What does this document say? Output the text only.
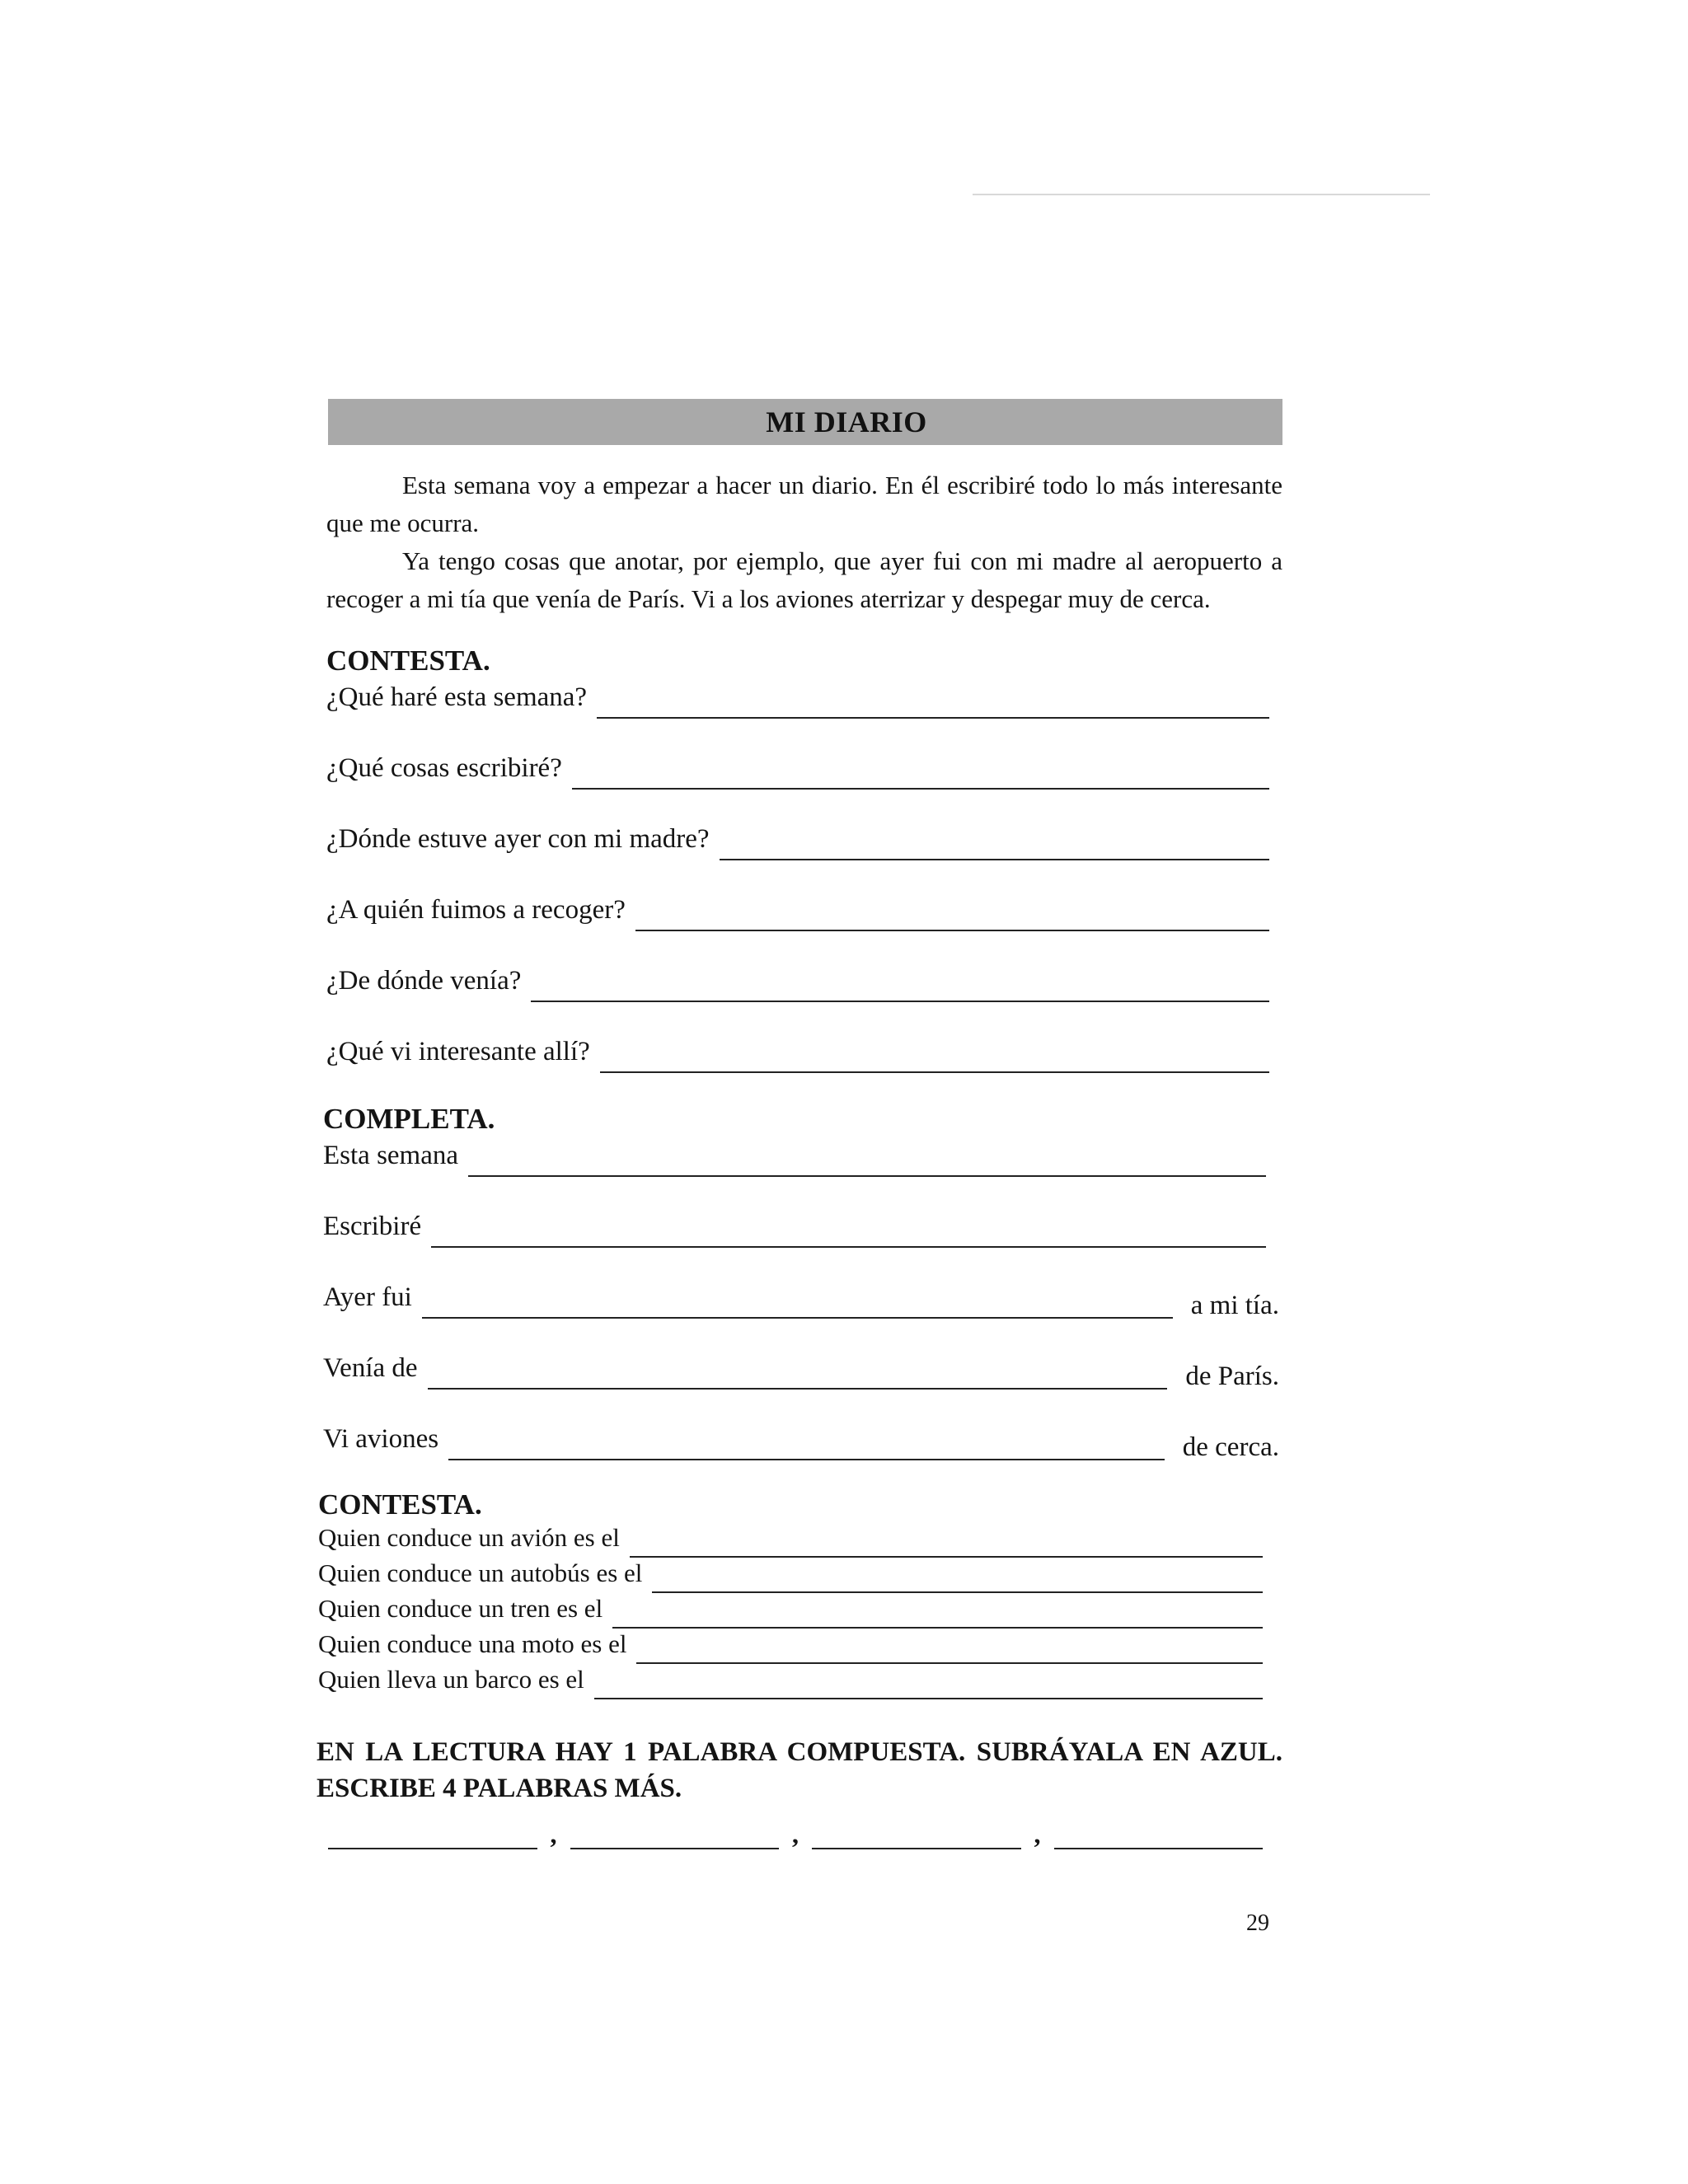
MI DIARIO

Esta semana voy a empezar a hacer un diario. En él escribiré todo lo más interesante que me ocurra.

Ya tengo cosas que anotar, por ejemplo, que ayer fui con mi madre al aeropuerto a recoger a mi tía que venía de París. Vi a los aviones aterrizar y despegar muy de cerca.

CONTESTA.
¿Qué haré esta semana?
¿Qué cosas escribiré?
¿Dónde estuve ayer con mi madre?
¿A quién fuimos a recoger?
¿De dónde venía?
¿Qué vi interesante allí?
COMPLETA.
Esta semana
Escribiré
Ayer fui	a mi tía.
Venía de	de París.
Vi aviones	de cerca.
CONTESTA.
Quien conduce un avión es el
Quien conduce un autobús es el
Quien conduce un tren es el
Quien conduce una moto es el
Quien lleva un barco es el
EN LA LECTURA HAY 1 PALABRA COMPUESTA. SUBRÁYALA EN AZUL. ESCRIBE 4 PALABRAS MÁS.
,	,	,
29
